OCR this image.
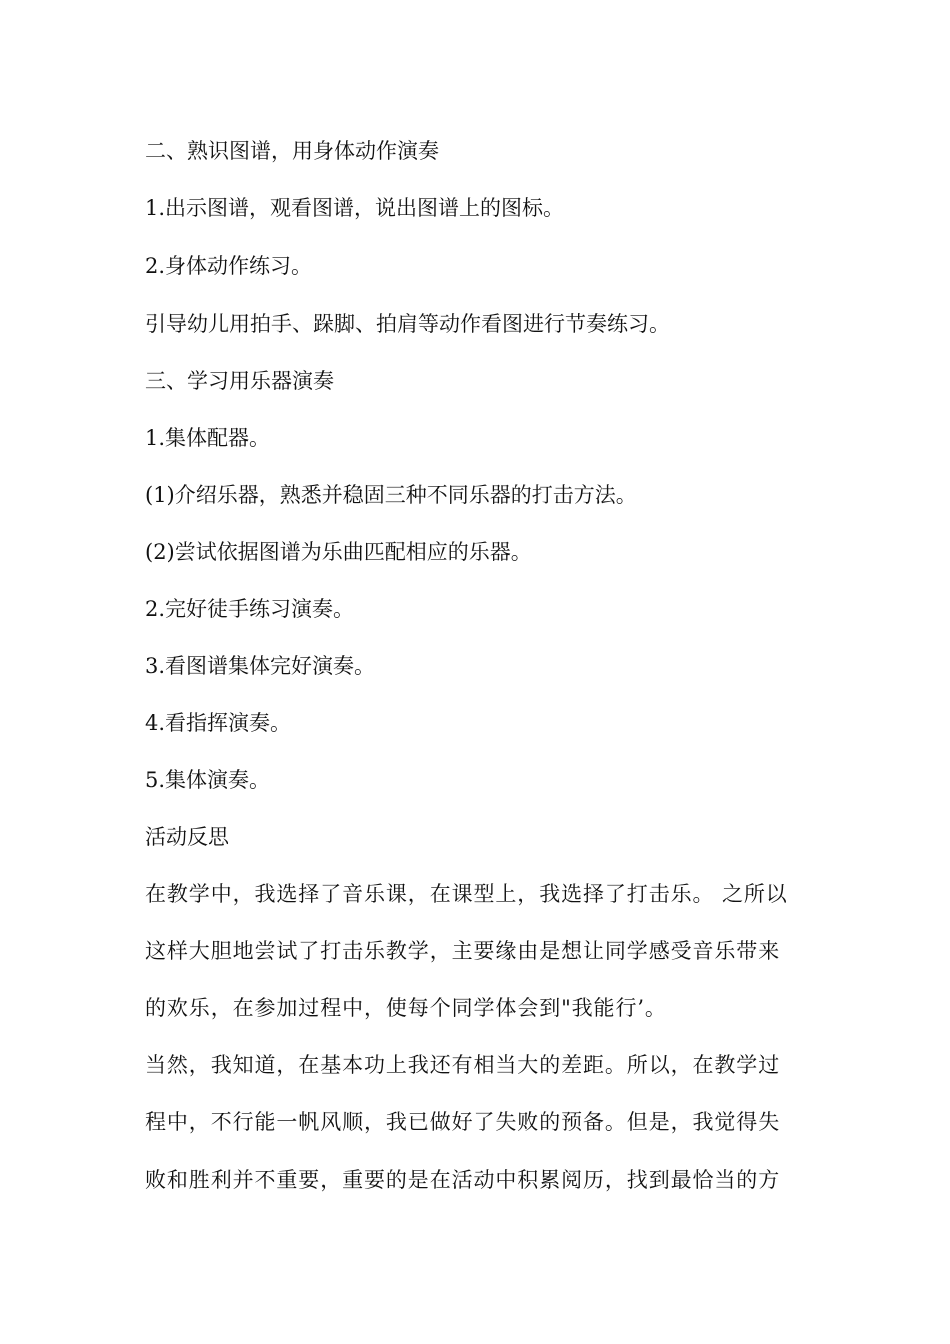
二、熟识图谱，用身体动作演奏

1.出示图谱，观看图谱，说出图谱上的图标。

2.身体动作练习。

引导幼儿用拍手、跺脚、拍肩等动作看图进行节奏练习。

三、学习用乐器演奏

1.集体配器。

(1)介绍乐器，熟悉并稳固三种不同乐器的打击方法。

(2)尝试依据图谱为乐曲匹配相应的乐器。

2.完好徒手练习演奏。

3.看图谱集体完好演奏。

4.看指挥演奏。

5.集体演奏。

活动反思

在教学中，我选择了音乐课，在课型上，我选择了打击乐。 之所以

这样大胆地尝试了打击乐教学，主要缘由是想让同学感受音乐带来

的欢乐，在参加过程中，使每个同学体会到"我能行’。

当然，我知道，在基本功上我还有相当大的差距。所以，在教学过

程中，不行能一帆风顺，我已做好了失败的预备。但是，我觉得失

败和胜利并不重要，重要的是在活动中积累阅历，找到最恰当的方
